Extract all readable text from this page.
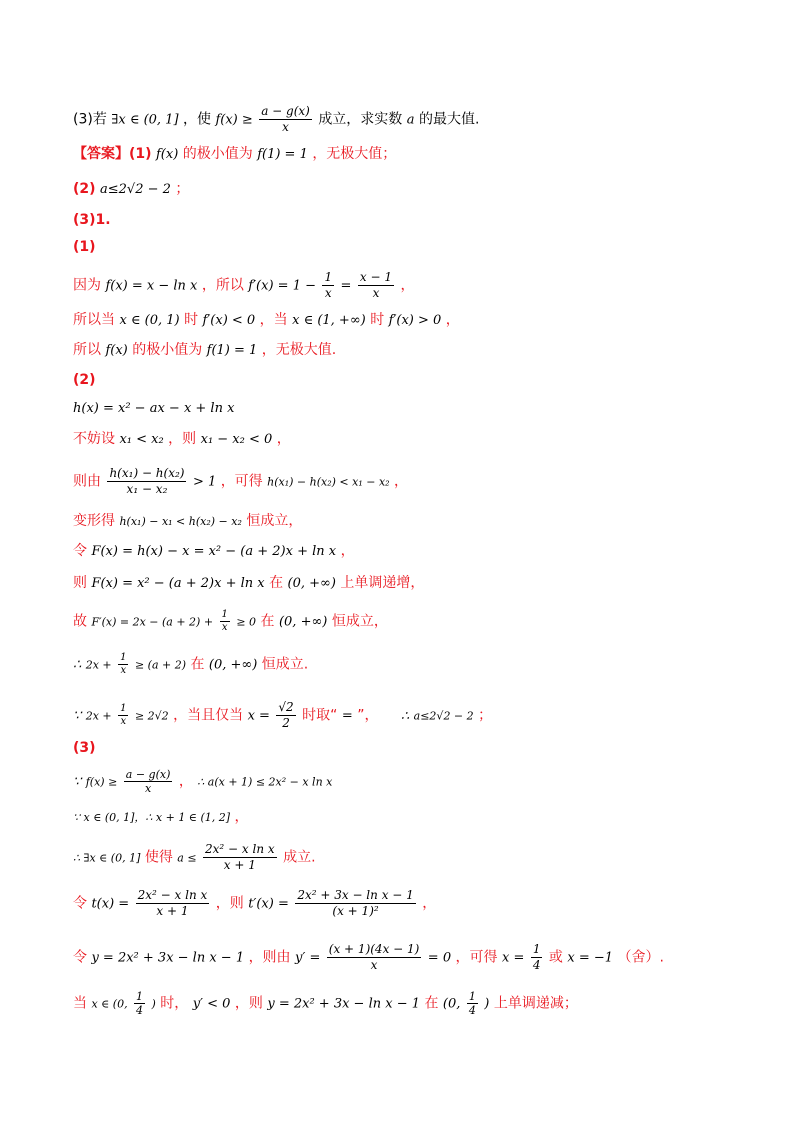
(3)若 ∃x ∈ (0, 1] ，使 $f(x) \ge \frac{a - g(x)}{x}$ 成立，求实数 a 的最大值.
【答案】(1) f(x) 的极小值为 f(1) = 1 ，无极大值；
(2) a≤2√2 − 2 ；
(3)1.
(1)
因为 f(x) = x − ln x ，所以 $f'(x) = 1 - \frac{1}{x} = \frac{x - 1}{x}$ ，
所以当 x ∈ (0, 1) 时 f′(x) < 0 ，当 x ∈ (1, +∞) 时 f′(x) > 0 ，
所以 f(x) 的极小值为 f(1) = 1 ，无极大值.
(2)
h(x) = x² − ax − x + ln x
不妨设 x₁ < x₂ ，则 x₁ − x₂ < 0 ，
则由 $\frac{\text{h(x₁) − h(x₂)}}{\text{x₁ − x₂}} > 1$ ，可得 h(x₁) − h(x₂) < x₁ − x₂ ，
变形得 h(x₁) − x₁ < h(x₂) − x₂ 恒成立，
令 F(x) = h(x) − x = x² − (a + 2)x + ln x ，
则 F(x) = x² − (a + 2)x + ln x 在 (0, +∞) 上单调递增，
故 $F'(x) = 2x - (a + 2) + \frac{1}{x} \ge 0$ 在 (0, +∞) 恒成立，
∴ $2x + \frac{1}{x} \ge (a + 2)$ 在 (0, +∞) 恒成立.
∵ $2x + \frac{1}{x} \ge 2√2$ ，当且仅当 $x = \frac{√2}{2}$ 时取“ = ”， ∴ a≤2√2 − 2 ；
(3)
∵ $f(x) \ge \frac{a - g(x)}{x}$ ， ∴ a(x + 1) ≤ 2x² − x ln x
∵ x ∈ (0, 1]，∴ x + 1 ∈ (1, 2] ，
∴ ∃x ∈ (0, 1] 使得 $a \le \frac{\text{2x² − x ln x}}{x + 1}$ 成立.
令 $t(x) = \frac{\text{2x² − x ln x}}{x + 1}$ ，则 $t'(x) = \frac{\text{2x² + 3x − ln x − 1}}{\text{(x + 1)²}}$ ，
令 y = 2x² + 3x − ln x − 1 ，则由 $y' = \frac{(x + 1)(4x - 1)}{x} = 0$ ，可得 $x = \frac{1}{4}$ 或 x = −1 （舍）.
当 x ∈ (0, $\frac{1}{4}$ ) 时， y′ < 0 ，则 y = 2x² + 3x − ln x − 1 在 (0, $\frac{1}{4}$ ) 上单调递减；
